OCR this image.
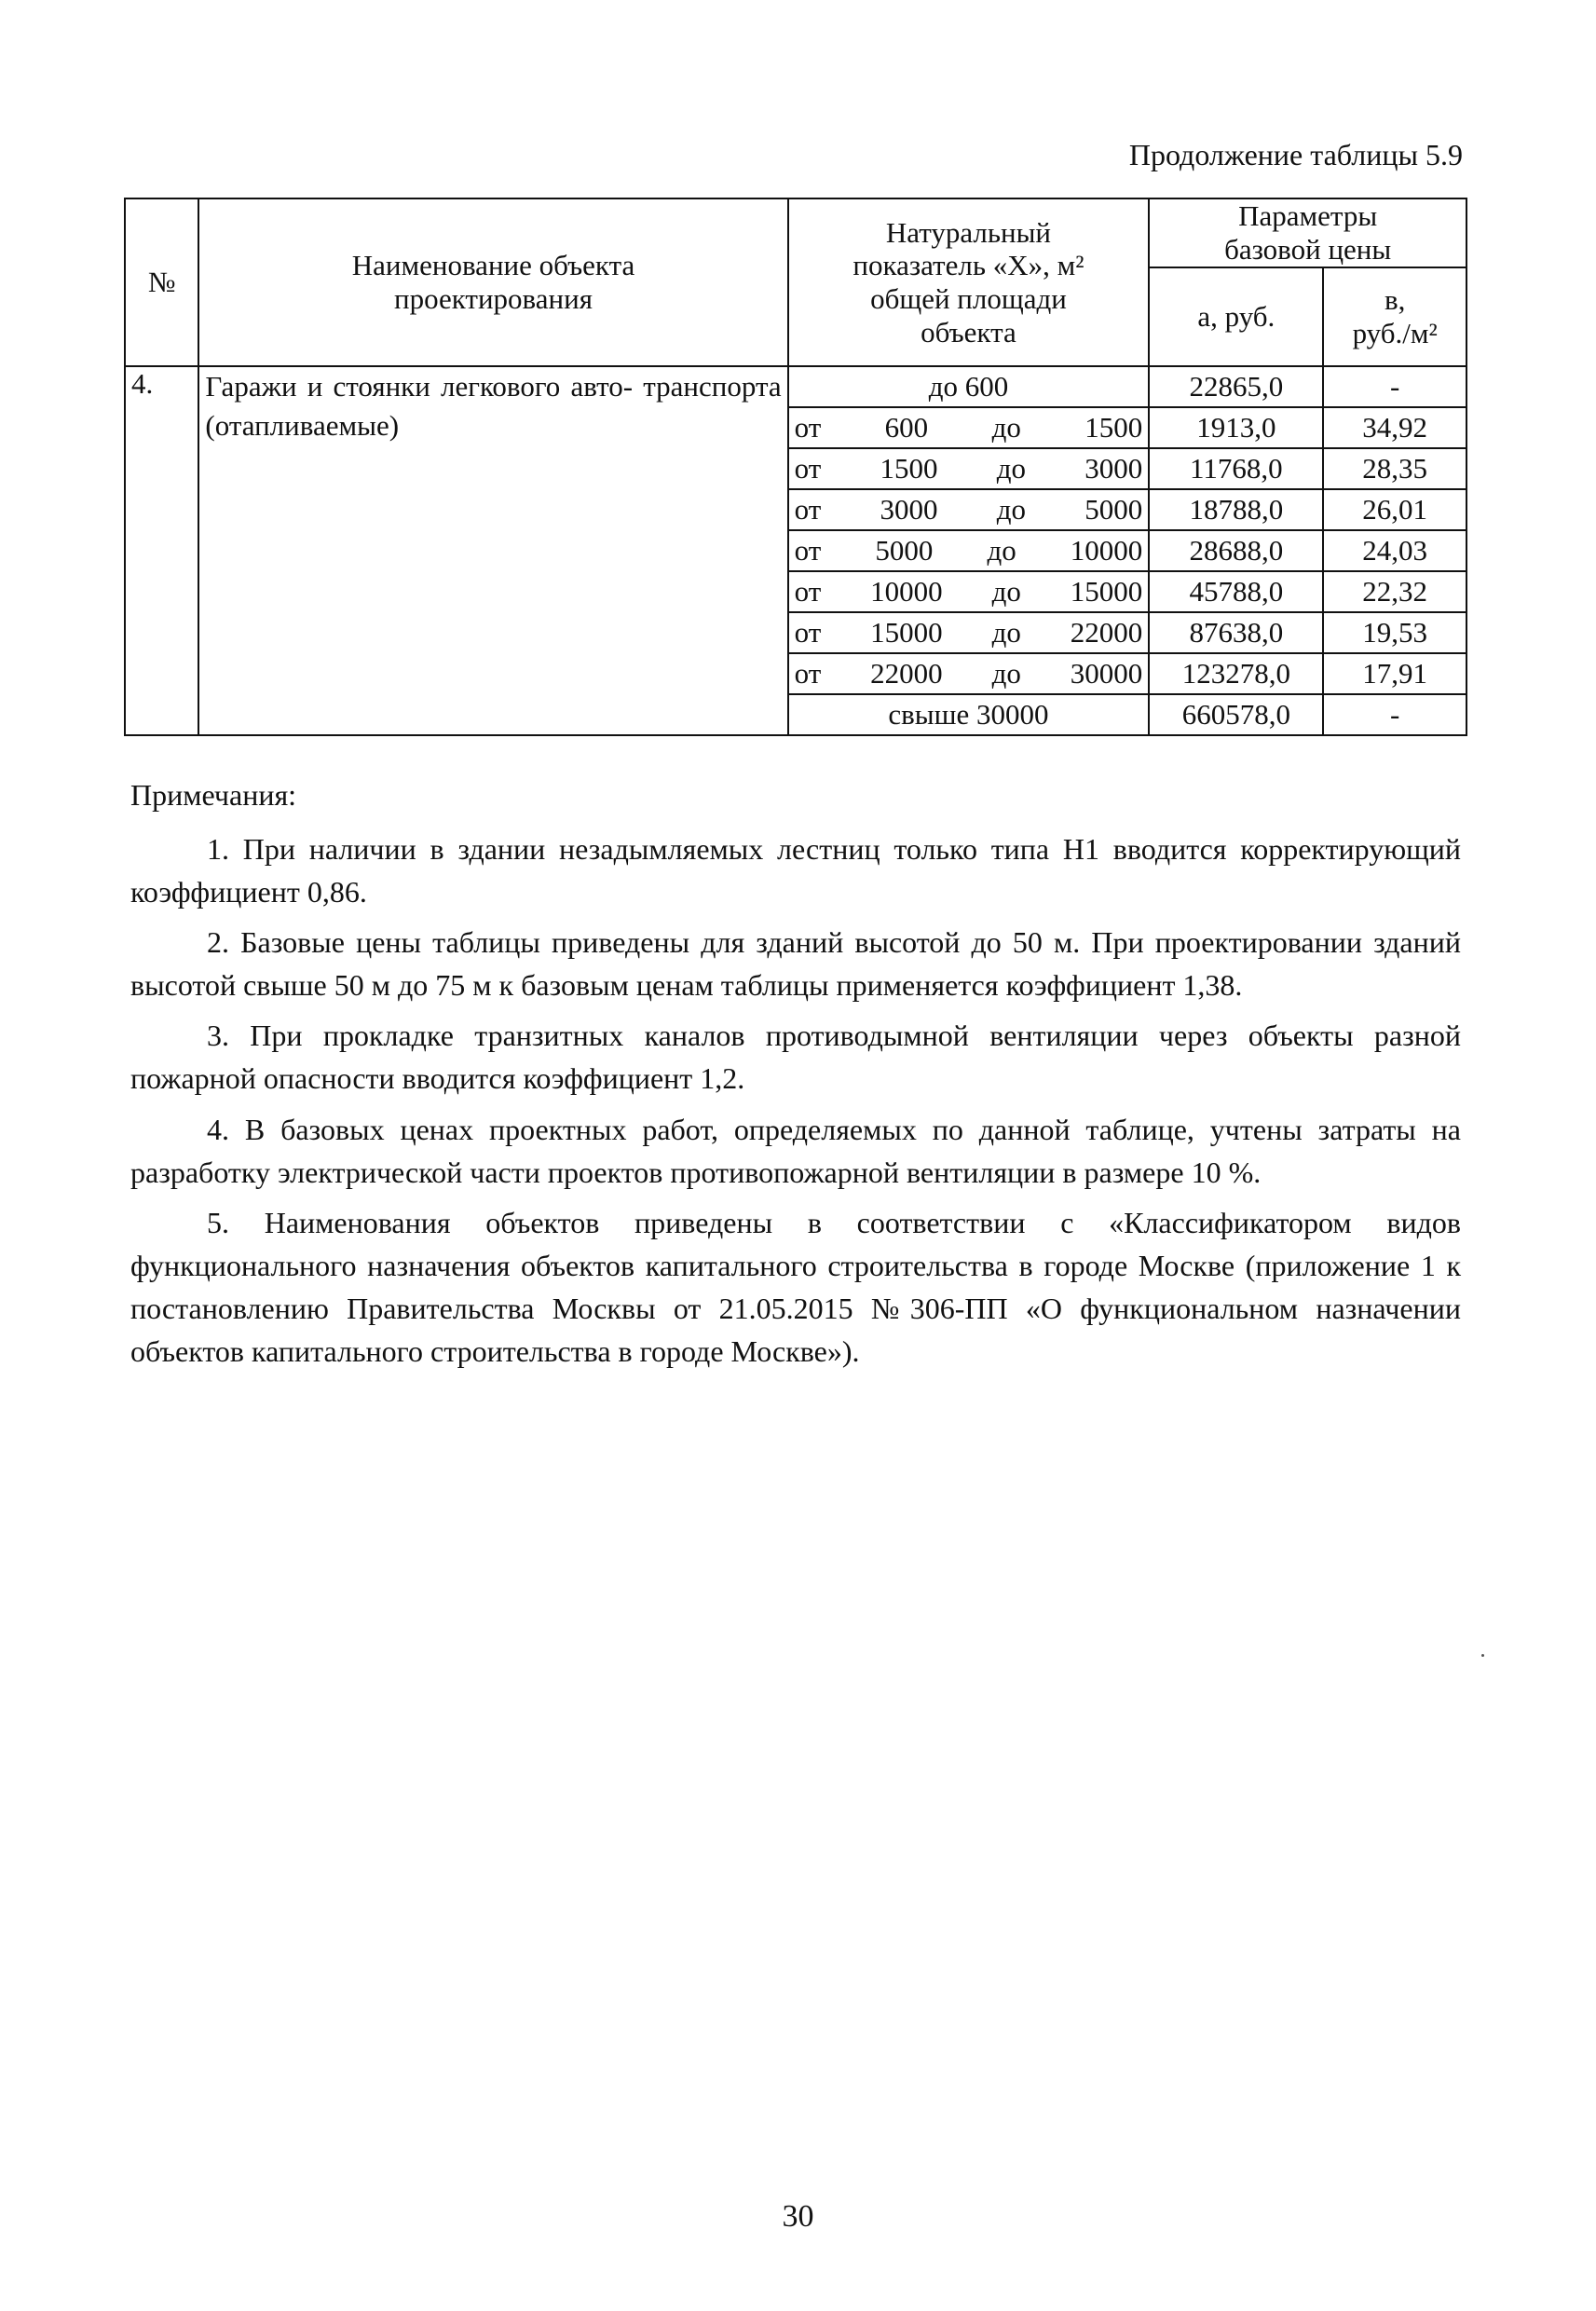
Продолжение таблицы 5.9
№	Наименование объекта проектирования	Натуральный показатель «Х», м² общей площади объекта	Параметры базовой цены	
			а, руб.	в, руб./м²
4.	Гаражи и стоянки легкового авто- транспорта (отапливаемые)	до 600	22865,0	-
		от 600 до 1500	1913,0	34,92
		от 1500 до 3000	11768,0	28,35
		от 3000 до 5000	18788,0	26,01
		от 5000 до 10000	28688,0	24,03
		от 10000 до 15000	45788,0	22,32
		от 15000 до 22000	87638,0	19,53
		от 22000 до 30000	123278,0	17,91
		свыше 30000	660578,0	-

Примечания:

1. При наличии в здании незадымляемых лестниц только типа Н1 вводится корректирующий коэффициент 0,86.

2. Базовые цены таблицы приведены для зданий высотой до 50 м. При проектировании зданий высотой свыше 50 м до 75 м к базовым ценам таблицы применяется коэффициент 1,38.

3. При прокладке транзитных каналов противодымной вентиляции через объекты разной пожарной опасности вводится коэффициент 1,2.

4. В базовых ценах проектных работ, определяемых по данной таблице, учтены затраты на разработку электрической части проектов противопожарной вентиляции в размере 10 %.

5. Наименования объектов приведены в соответствии с «Классификатором видов функционального назначения объектов капитального строительства в городе Москве (приложение 1 к постановлению Правительства Москвы от 21.05.2015 №306-ПП «О функциональном назначении объектов капитального строительства в городе Москве»).

30
